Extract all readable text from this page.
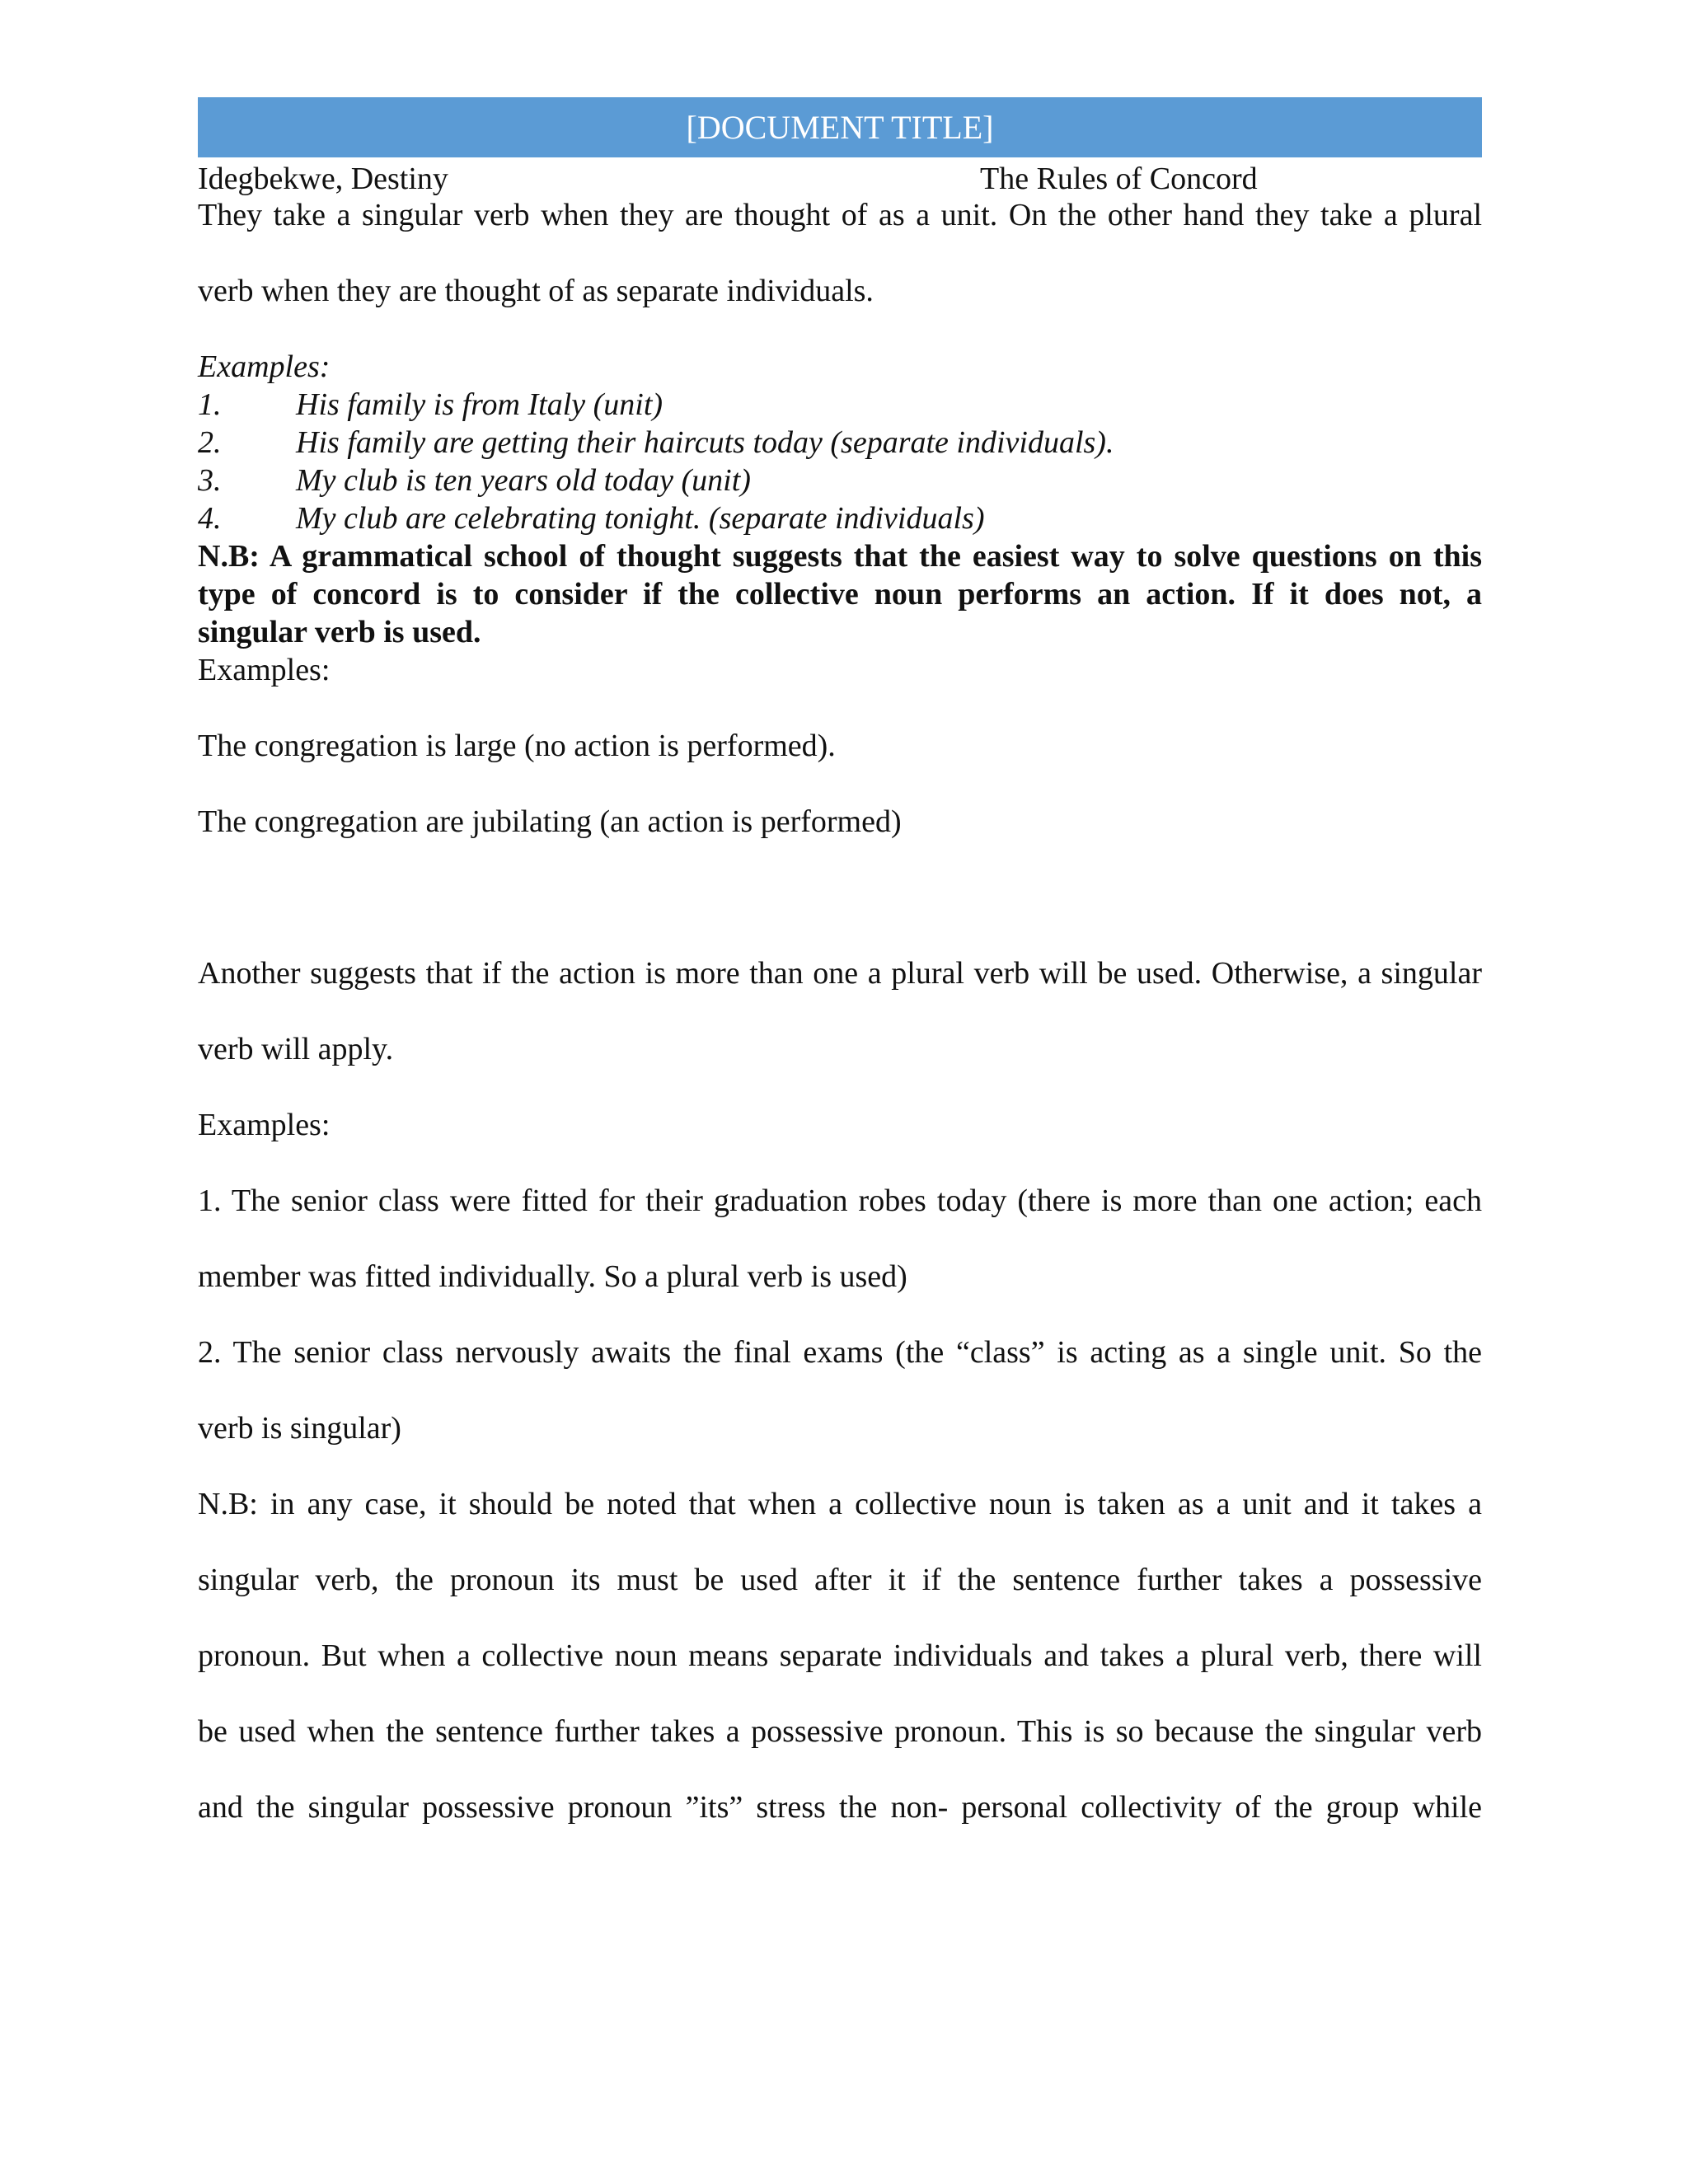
[DOCUMENT TITLE]
Idegbekwe, Destiny	The Rules of Concord
They take a singular verb when they are thought of as a unit. On the other hand they take a plural
verb when they are thought of as separate individuals.
Examples:
1. His family is from Italy (unit)
2. His family are getting their haircuts today (separate individuals).
3. My club is ten years old today (unit)
4. My club are celebrating tonight. (separate individuals)
N.B: A grammatical school of thought suggests that the easiest way to solve questions on this
type of concord is to consider if the collective noun performs an action. If it does not, a
singular verb is used.
Examples:
The congregation is large (no action is performed).
The congregation are jubilating (an action is performed)
Another suggests that if the action is more than one a plural verb will be used. Otherwise, a singular
verb will apply.
Examples:
1. The senior class were fitted for their graduation robes today (there is more than one action; each
member was fitted individually. So a plural verb is used)
2. The senior class nervously awaits the final exams (the “class” is acting as a single unit. So the
verb is singular)
N.B: in any case, it should be noted that when a collective noun is taken as a unit and it takes a
singular verb, the pronoun its must be used after it if the sentence further takes a possessive
pronoun. But when a collective noun means separate individuals and takes a plural verb, there will
be used when the sentence further takes a possessive pronoun. This is so because the singular verb
and the singular possessive pronoun ”its” stress the non- personal collectivity of the group while
